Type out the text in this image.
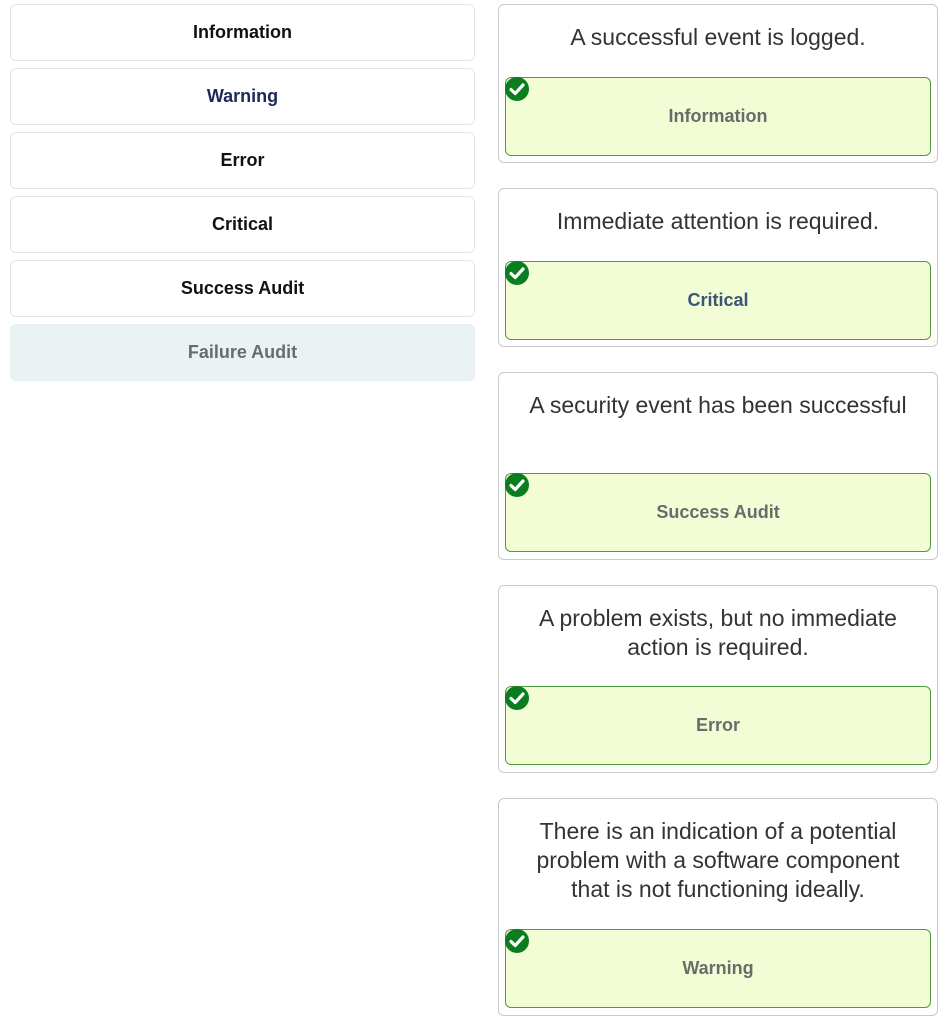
Information
Warning
Error
Critical
Success Audit
Failure Audit
A successful event is logged.
Information
Immediate attention is required.
Critical
A security event has been successful
Success Audit
A problem exists, but no immediate action is required.
Error
There is an indication of a potential problem with a software component that is not functioning ideally.
Warning
